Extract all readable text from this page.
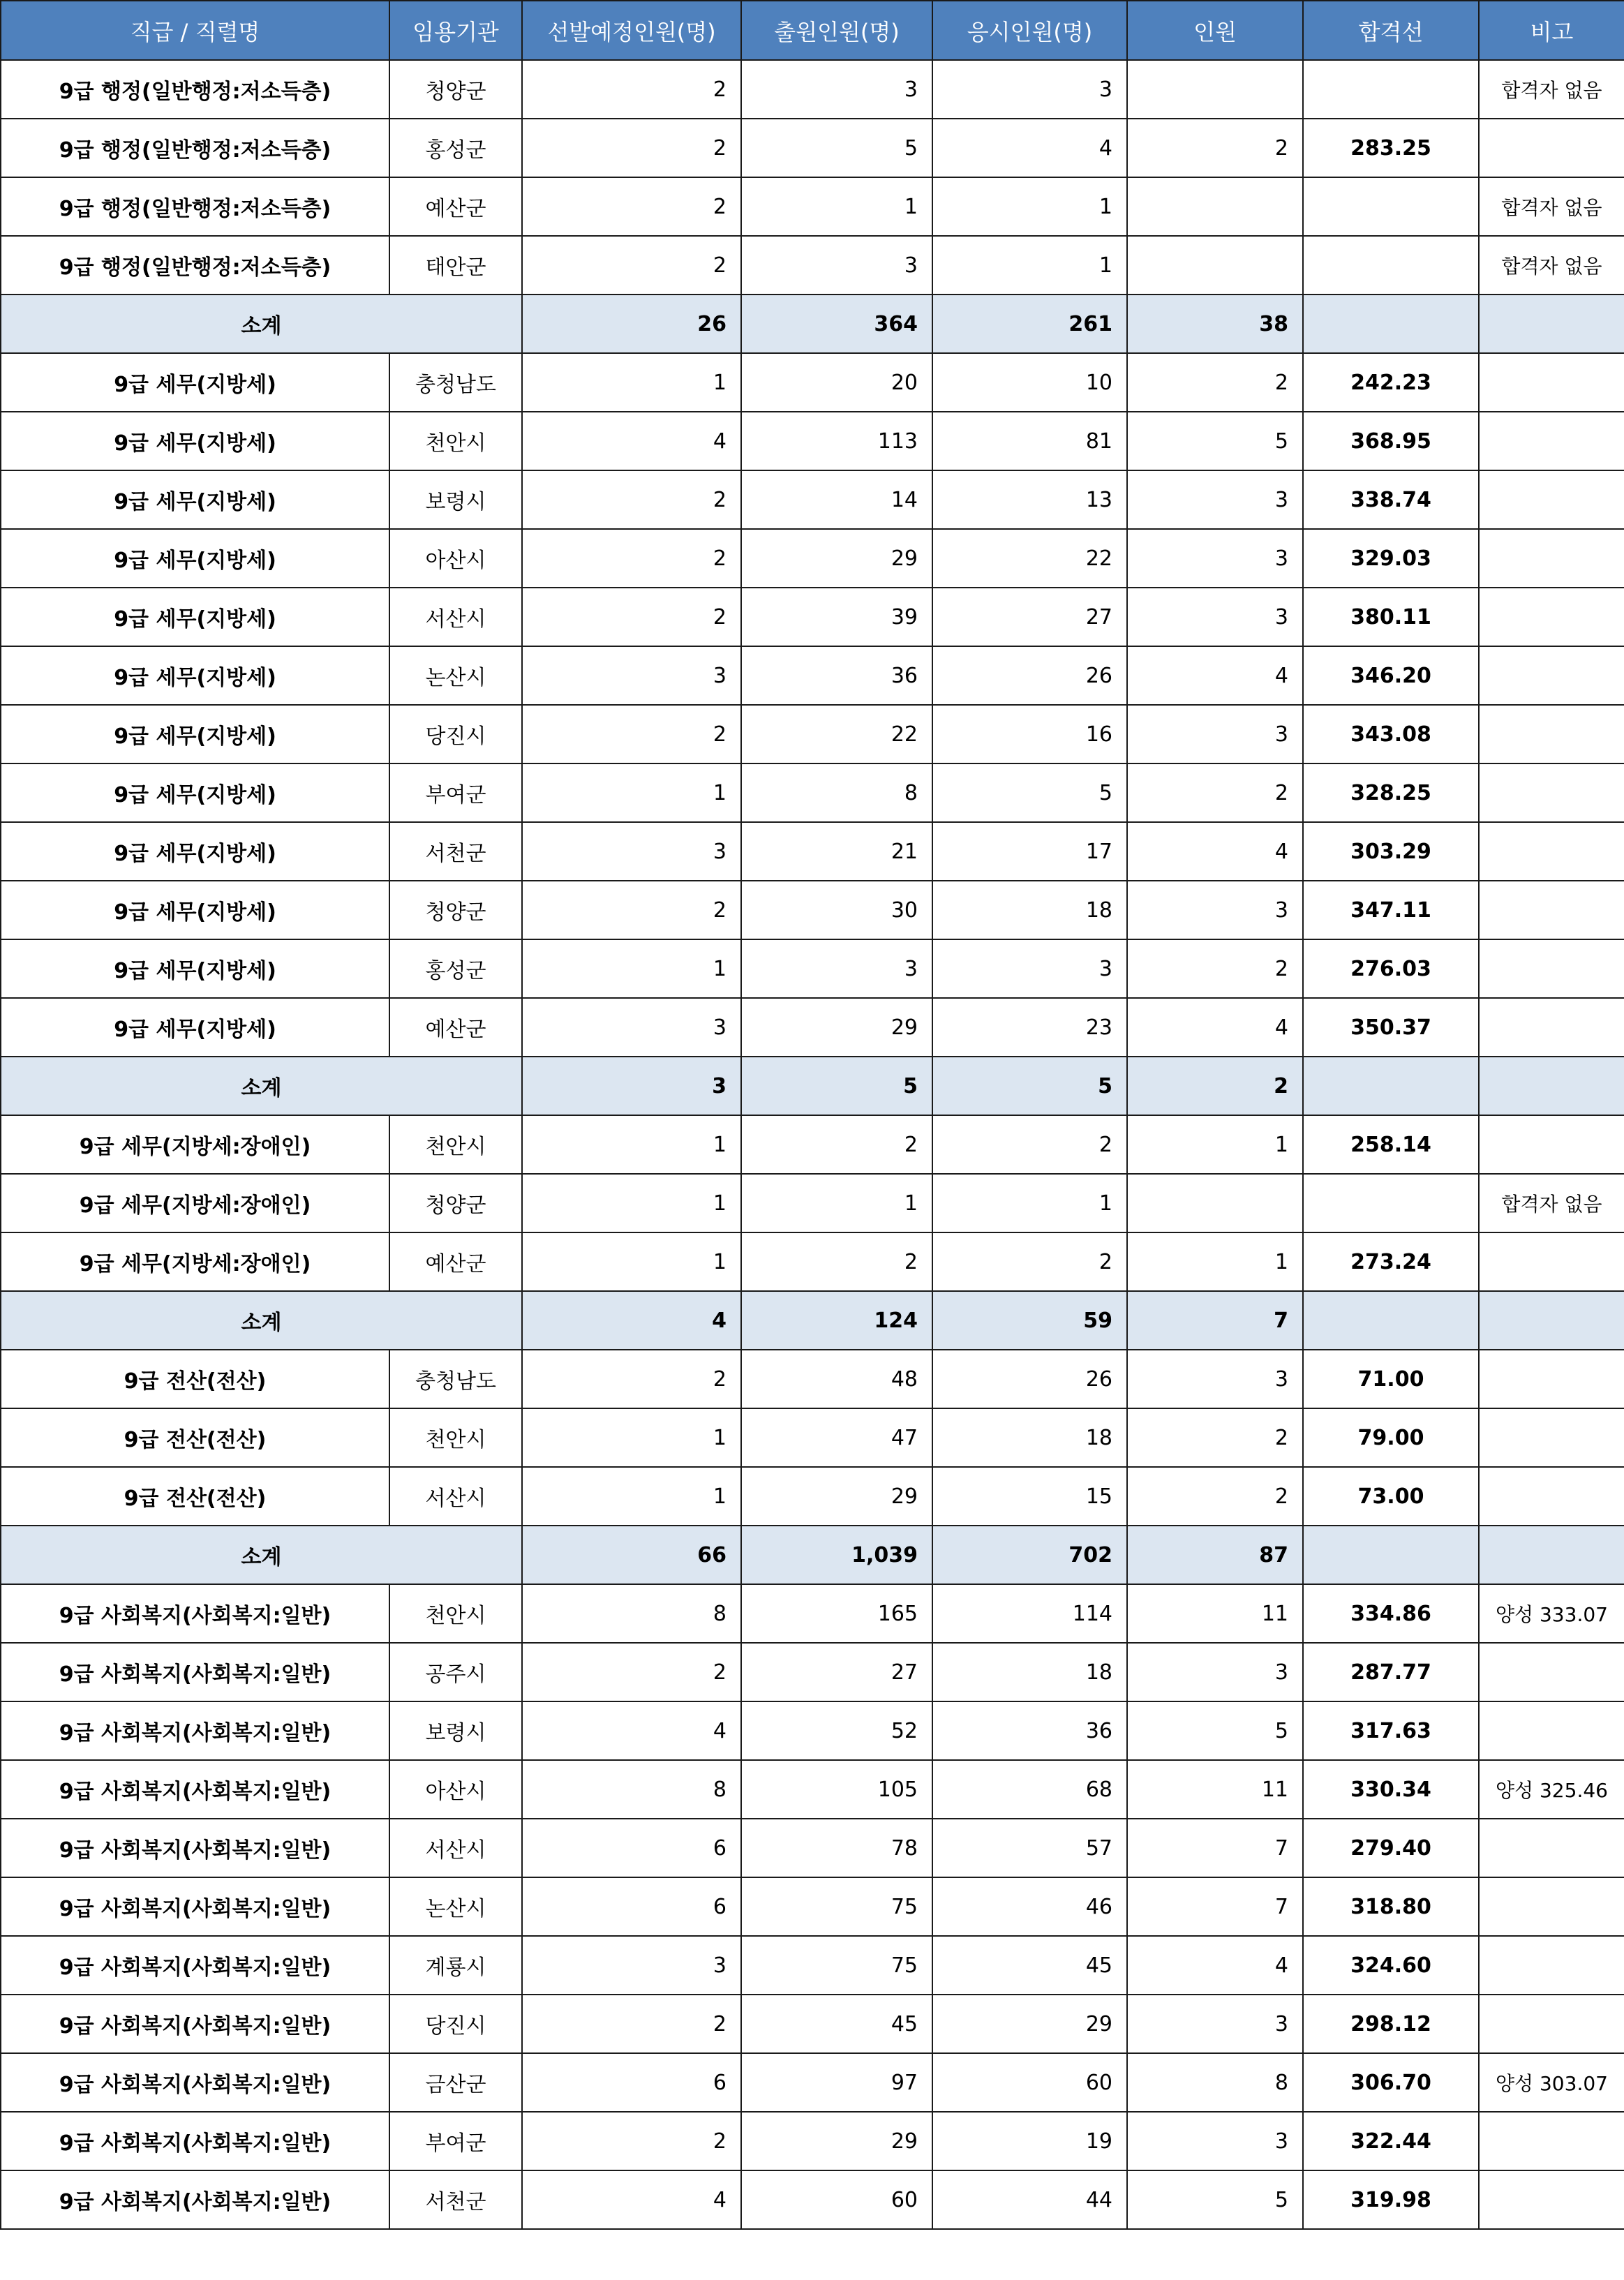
직급 / 직렬명	임용기관	선발예정인원(명)	출원인원(명)	응시인원(명)	인원	합격선	비고
9급 행정(일반행정:저소득층)	청양군	2	3	3			합격자 없음
9급 행정(일반행정:저소득층)	홍성군	2	5	4	2	283.25	
9급 행정(일반행정:저소득층)	예산군	2	1	1			합격자 없음
9급 행정(일반행정:저소득층)	태안군	2	3	1			합격자 없음
소계		26	364	261	38		
9급 세무(지방세)	충청남도	1	20	10	2	242.23	
9급 세무(지방세)	천안시	4	113	81	5	368.95	
9급 세무(지방세)	보령시	2	14	13	3	338.74	
9급 세무(지방세)	아산시	2	29	22	3	329.03	
9급 세무(지방세)	서산시	2	39	27	3	380.11	
9급 세무(지방세)	논산시	3	36	26	4	346.20	
9급 세무(지방세)	당진시	2	22	16	3	343.08	
9급 세무(지방세)	부여군	1	8	5	2	328.25	
9급 세무(지방세)	서천군	3	21	17	4	303.29	
9급 세무(지방세)	청양군	2	30	18	3	347.11	
9급 세무(지방세)	홍성군	1	3	3	2	276.03	
9급 세무(지방세)	예산군	3	29	23	4	350.37	
소계		3	5	5	2		
9급 세무(지방세:장애인)	천안시	1	2	2	1	258.14	
9급 세무(지방세:장애인)	청양군	1	1	1			합격자 없음
9급 세무(지방세:장애인)	예산군	1	2	2	1	273.24	
소계		4	124	59	7		
9급 전산(전산)	충청남도	2	48	26	3	71.00	
9급 전산(전산)	천안시	1	47	18	2	79.00	
9급 전산(전산)	서산시	1	29	15	2	73.00	
소계		66	1,039	702	87		
9급 사회복지(사회복지:일반)	천안시	8	165	114	11	334.86	양성 333.07
9급 사회복지(사회복지:일반)	공주시	2	27	18	3	287.77	
9급 사회복지(사회복지:일반)	보령시	4	52	36	5	317.63	
9급 사회복지(사회복지:일반)	아산시	8	105	68	11	330.34	양성 325.46
9급 사회복지(사회복지:일반)	서산시	6	78	57	7	279.40	
9급 사회복지(사회복지:일반)	논산시	6	75	46	7	318.80	
9급 사회복지(사회복지:일반)	계룡시	3	75	45	4	324.60	
9급 사회복지(사회복지:일반)	당진시	2	45	29	3	298.12	
9급 사회복지(사회복지:일반)	금산군	6	97	60	8	306.70	양성 303.07
9급 사회복지(사회복지:일반)	부여군	2	29	19	3	322.44	
9급 사회복지(사회복지:일반)	서천군	4	60	44	5	319.98	
